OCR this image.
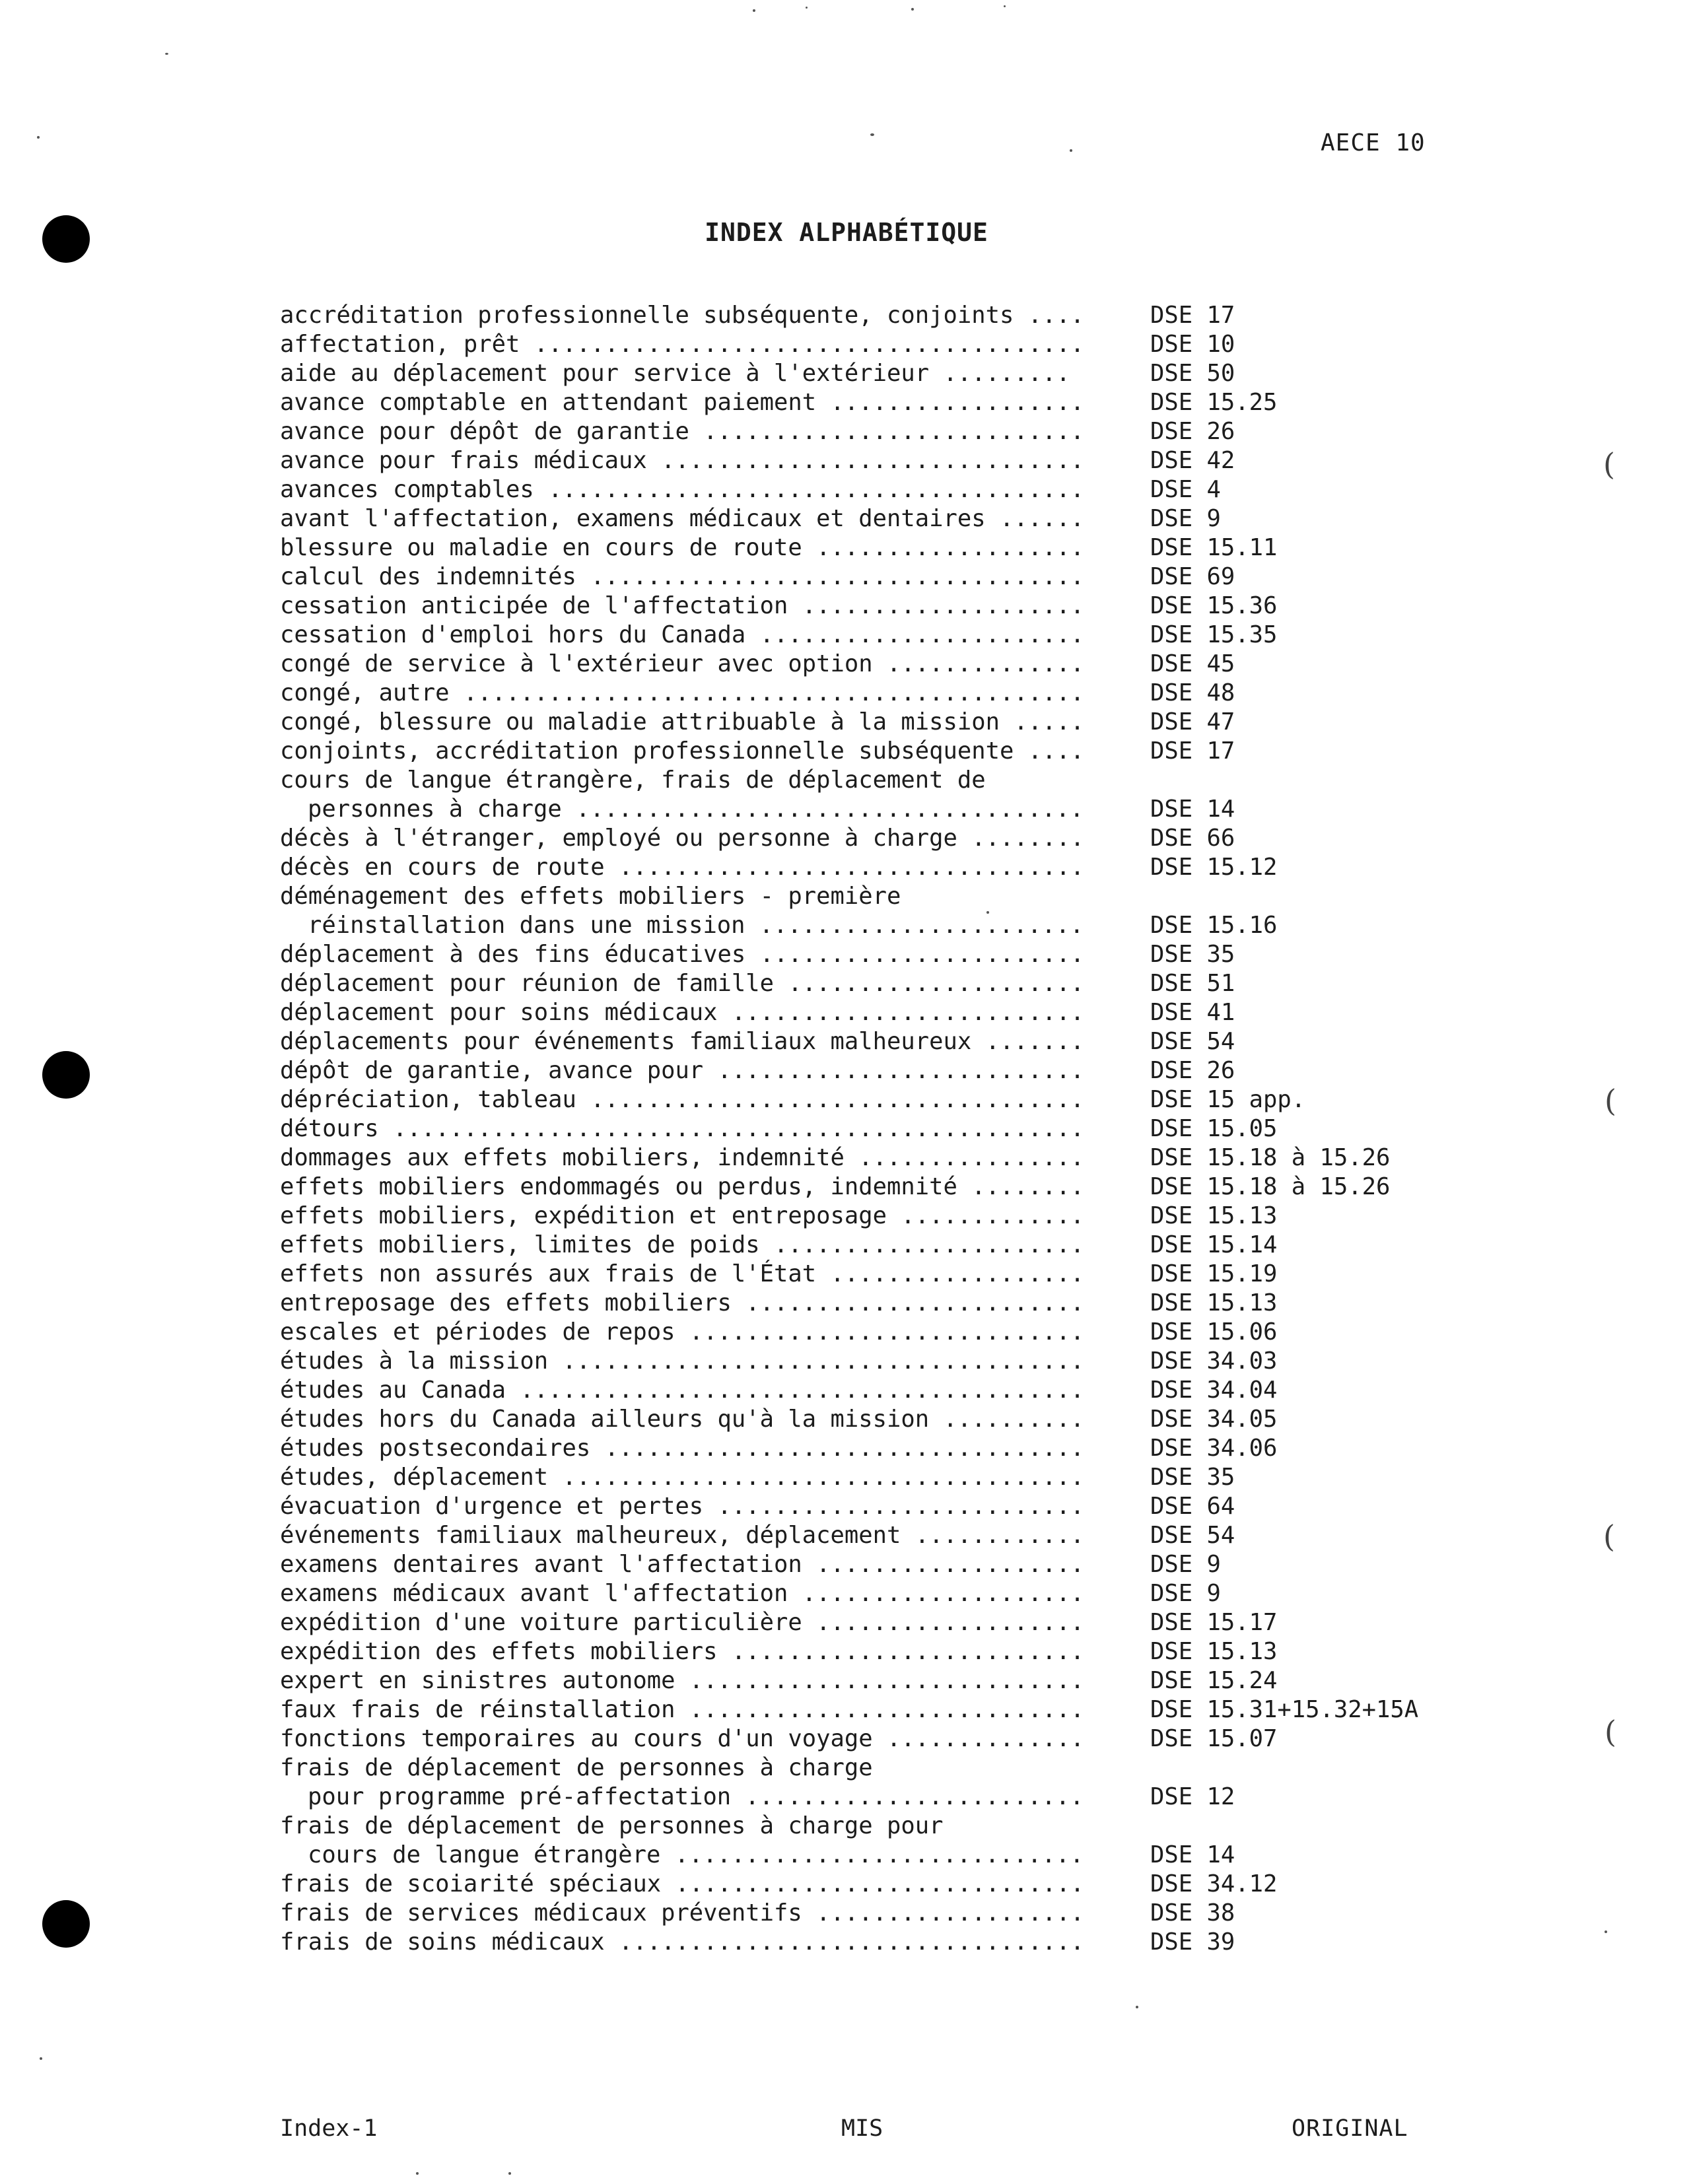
(
(
(
(
AECE 10
INDEX ALPHABÉTIQUE
accréditation professionnelle subséquente, conjoints ....	DSE 17
affectation, prêt .......................................	DSE 10
aide au déplacement pour service à l'extérieur .........	DSE 50
avance comptable en attendant paiement ..................	DSE 15.25
avance pour dépôt de garantie ...........................	DSE 26
avance pour frais médicaux ..............................	DSE 42
avances comptables ......................................	DSE 4
avant l'affectation, examens médicaux et dentaires ......	DSE 9
blessure ou maladie en cours de route ...................	DSE 15.11
calcul des indemnités ...................................	DSE 69
cessation anticipée de l'affectation ....................	DSE 15.36
cessation d'emploi hors du Canada .......................	DSE 15.35
congé de service à l'extérieur avec option ..............	DSE 45
congé, autre ............................................	DSE 48
congé, blessure ou maladie attribuable à la mission .....	DSE 47
conjoints, accréditation professionnelle subséquente ....	DSE 17
cours de langue étrangère, frais de déplacement de
personnes à charge ....................................	DSE 14
décès à l'étranger, employé ou personne à charge ........	DSE 66
décès en cours de route .................................	DSE 15.12
déménagement des effets mobiliers - première
réinstallation dans une mission .......................	DSE 15.16
déplacement à des fins éducatives .......................	DSE 35
déplacement pour réunion de famille .....................	DSE 51
déplacement pour soins médicaux .........................	DSE 41
déplacements pour événements familiaux malheureux .......	DSE 54
dépôt de garantie, avance pour ..........................	DSE 26
dépréciation, tableau ...................................	DSE 15 app.
détours .................................................	DSE 15.05
dommages aux effets mobiliers, indemnité ................	DSE 15.18 à 15.26
effets mobiliers endommagés ou perdus, indemnité ........	DSE 15.18 à 15.26
effets mobiliers, expédition et entreposage .............	DSE 15.13
effets mobiliers, limites de poids ......................	DSE 15.14
effets non assurés aux frais de l'État ..................	DSE 15.19
entreposage des effets mobiliers ........................	DSE 15.13
escales et périodes de repos ............................	DSE 15.06
études à la mission .....................................	DSE 34.03
études au Canada ........................................	DSE 34.04
études hors du Canada ailleurs qu'à la mission ..........	DSE 34.05
études postsecondaires ..................................	DSE 34.06
études, déplacement .....................................	DSE 35
évacuation d'urgence et pertes ..........................	DSE 64
événements familiaux malheureux, déplacement ............	DSE 54
examens dentaires avant l'affectation ...................	DSE 9
examens médicaux avant l'affectation ....................	DSE 9
expédition d'une voiture particulière ...................	DSE 15.17
expédition des effets mobiliers .........................	DSE 15.13
expert en sinistres autonome ............................	DSE 15.24
faux frais de réinstallation ............................	DSE 15.31+15.32+15A
fonctions temporaires au cours d'un voyage ..............	DSE 15.07
frais de déplacement de personnes à charge
pour programme pré-affectation ........................	DSE 12
frais de déplacement de personnes à charge pour
cours de langue étrangère .............................	DSE 14
frais de scoiarité spéciaux .............................	DSE 34.12
frais de services médicaux préventifs ...................	DSE 38
frais de soins médicaux .................................	DSE 39
Index-1	MIS	ORIGINAL
